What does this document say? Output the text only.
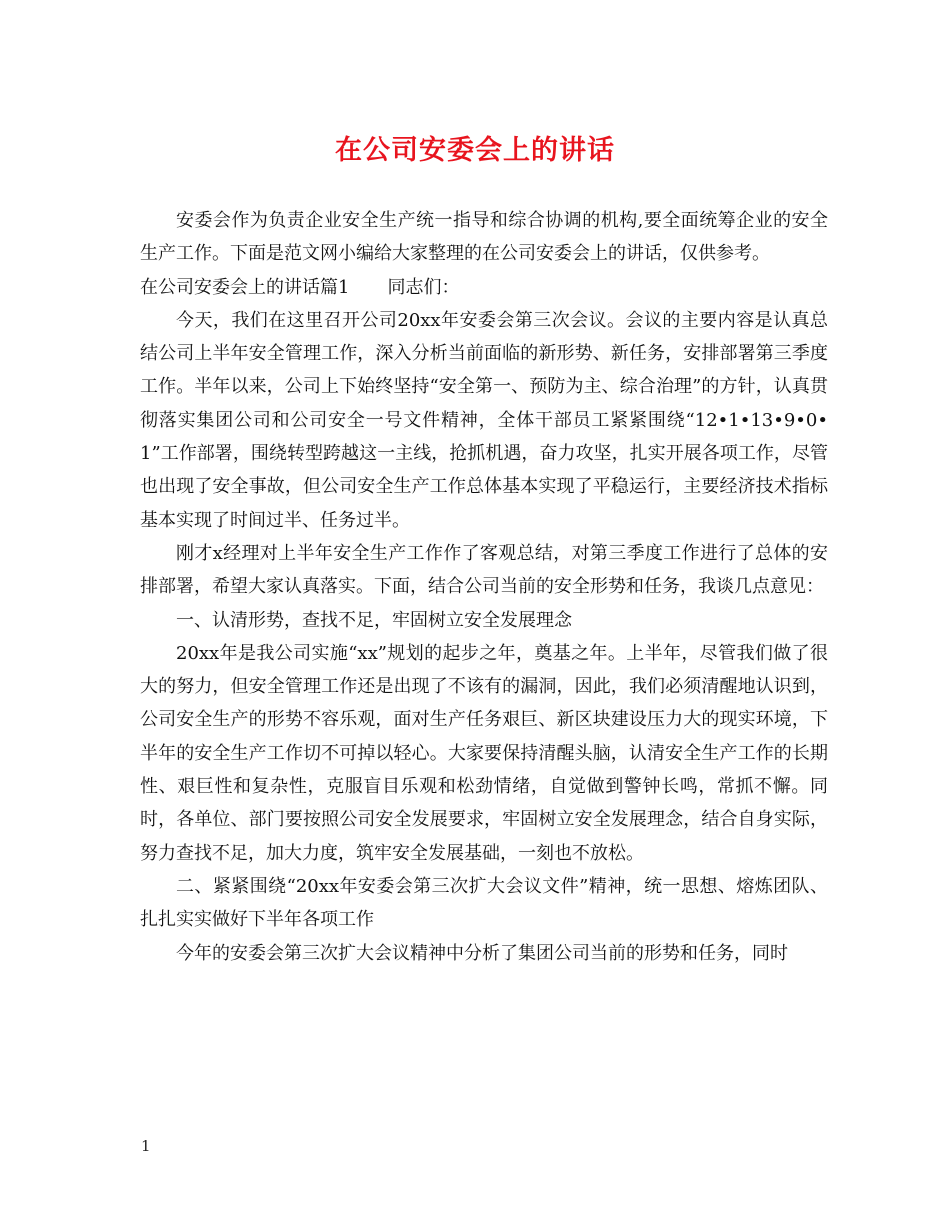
在公司安委会上的讲话

安委会作为负责企业安全生产统一指导和综合协调的机构,要全面统筹企业的安全生产工作。下面是范文网小编给大家整理的在公司安委会上的讲话，仅供参考。

在公司安委会上的讲话篇1 同志们：

今天，我们在这里召开公司20xx年安委会第三次会议。会议的主要内容是认真总结公司上半年安全管理工作，深入分析当前面临的新形势、新任务，安排部署第三季度工作。半年以来，公司上下始终坚持“安全第一、预防为主、综合治理”的方针，认真贯彻落实集团公司和公司安全一号文件精神，全体干部员工紧紧围绕“12•1•13•9•0•1”工作部署，围绕转型跨越这一主线，抢抓机遇，奋力攻坚，扎实开展各项工作，尽管也出现了安全事故，但公司安全生产工作总体基本实现了平稳运行，主要经济技术指标基本实现了时间过半、任务过半。

刚才x经理对上半年安全生产工作作了客观总结，对第三季度工作进行了总体的安排部署，希望大家认真落实。下面，结合公司当前的安全形势和任务，我谈几点意见：

一、认清形势，查找不足，牢固树立安全发展理念

20xx年是我公司实施“xx”规划的起步之年，奠基之年。上半年，尽管我们做了很大的努力，但安全管理工作还是出现了不该有的漏洞，因此，我们必须清醒地认识到，公司安全生产的形势不容乐观，面对生产任务艰巨、新区块建设压力大的现实环境，下半年的安全生产工作切不可掉以轻心。大家要保持清醒头脑，认清安全生产工作的长期性、艰巨性和复杂性，克服盲目乐观和松劲情绪，自觉做到警钟长鸣，常抓不懈。同时，各单位、部门要按照公司安全发展要求，牢固树立安全发展理念，结合自身实际，努力查找不足，加大力度，筑牢安全发展基础，一刻也不放松。

二、紧紧围绕“20xx年安委会第三次扩大会议文件”精神，统一思想、熔炼团队、扎扎实实做好下半年各项工作

今年的安委会第三次扩大会议精神中分析了集团公司当前的形势和任务，同时

1
